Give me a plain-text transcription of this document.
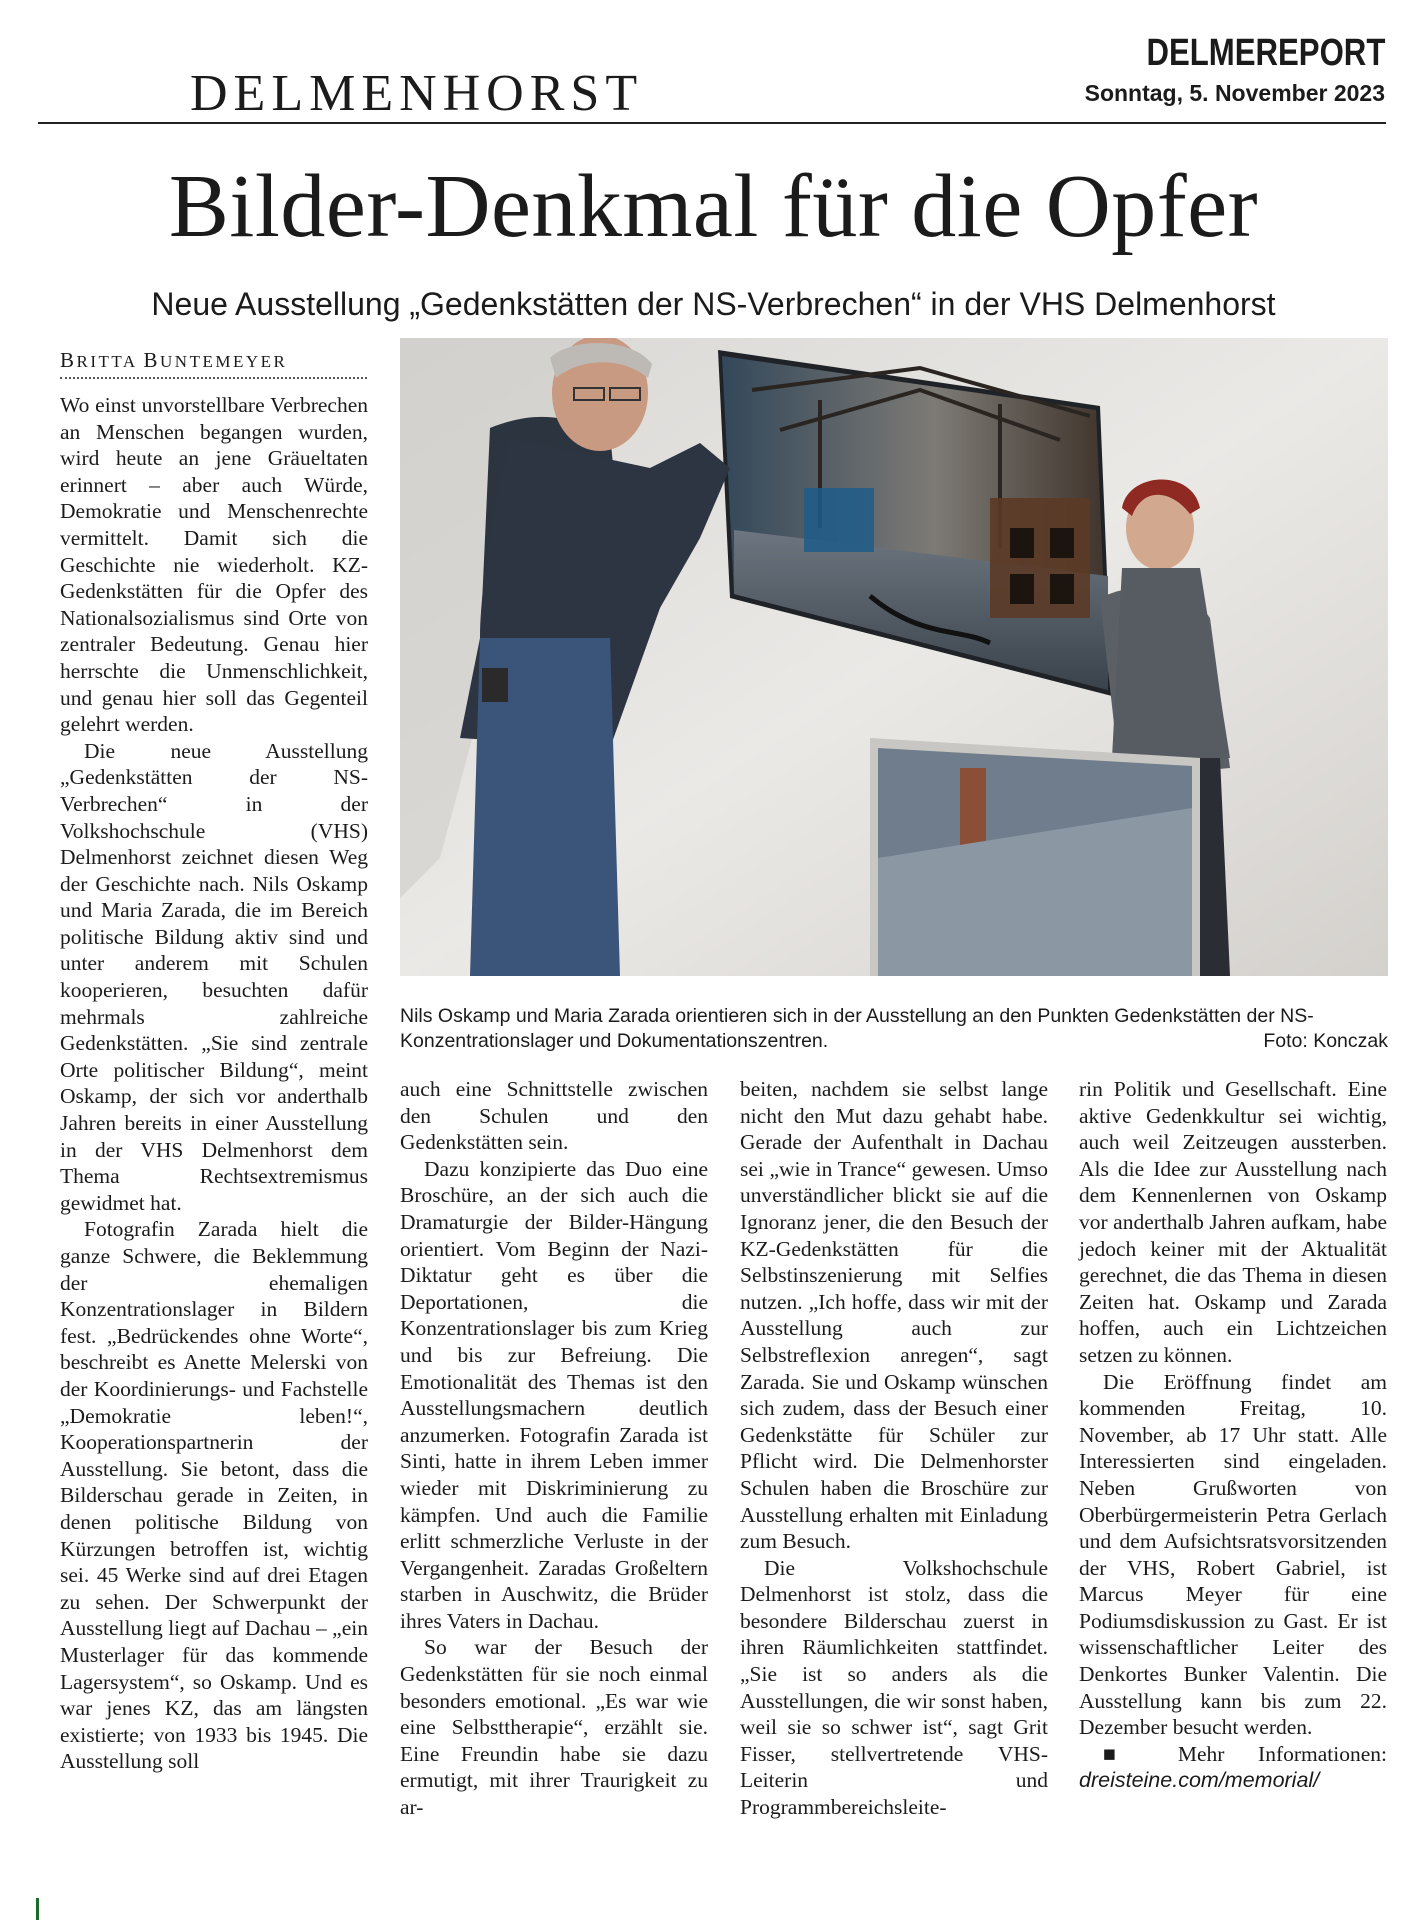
DELMENHORST
DELMEREPORT
Sonntag, 5. November 2023
Bilder-Denkmal für die Opfer
Neue Ausstellung „Gedenkstätten der NS-Verbrechen“ in der VHS Delmenhorst
BRITTA BUNTEMEYER

Wo einst unvorstellbare Verbrechen an Menschen begangen wurden, wird heute an jene Gräueltaten erinnert – aber auch Würde, Demokratie und Menschenrechte vermittelt. Damit sich die Geschichte nie wiederholt. KZ-Gedenkstätten für die Opfer des Nationalsozialismus sind Orte von zentraler Bedeutung. Genau hier herrschte die Unmenschlichkeit, und genau hier soll das Gegenteil gelehrt werden.

Die neue Ausstellung „Gedenkstätten der NS-Verbrechen“ in der Volkshochschule (VHS) Delmenhorst zeichnet diesen Weg der Geschichte nach. Nils Oskamp und Maria Zarada, die im Bereich politische Bildung aktiv sind und unter anderem mit Schulen kooperieren, besuchten dafür mehrmals zahlreiche Gedenkstätten. „Sie sind zentrale Orte politischer Bildung“, meint Oskamp, der sich vor anderthalb Jahren bereits in einer Ausstellung in der VHS Delmenhorst dem Thema Rechtsextremismus gewidmet hat.

Fotografin Zarada hielt die ganze Schwere, die Beklemmung der ehemaligen Konzentrationslager in Bildern fest. „Bedrückendes ohne Worte“, beschreibt es Anette Melerski von der Koordinierungs- und Fachstelle „Demokratie leben!“, Kooperationspartnerin der Ausstellung. Sie betont, dass die Bilderschau gerade in Zeiten, in denen politische Bildung von Kürzungen betroffen ist, wichtig sei. 45 Werke sind auf drei Etagen zu sehen. Der Schwerpunkt der Ausstellung liegt auf Dachau – „ein Musterlager für das kommende Lagersystem“, so Oskamp. Und es war jenes KZ, das am längsten existierte; von 1933 bis 1945. Die Ausstellung soll

Nils Oskamp und Maria Zarada orientieren sich in der Ausstellung an den Punkten Gedenkstätten der NS-Konzentrationslager und Dokumentationszentren.	Foto: Konczak

auch eine Schnittstelle zwischen den Schulen und den Gedenkstätten sein.

Dazu konzipierte das Duo eine Broschüre, an der sich auch die Dramaturgie der Bilder-Hängung orientiert. Vom Beginn der Nazi-Diktatur geht es über die Deportationen, die Konzentrationslager bis zum Krieg und bis zur Befreiung. Die Emotionalität des Themas ist den Ausstellungsmachern deutlich anzumerken. Fotografin Zarada ist Sinti, hatte in ihrem Leben immer wieder mit Diskriminierung zu kämpfen. Und auch die Familie erlitt schmerzliche Verluste in der Vergangenheit. Zaradas Großeltern starben in Auschwitz, die Brüder ihres Vaters in Dachau.

So war der Besuch der Gedenkstätten für sie noch einmal besonders emotional. „Es war wie eine Selbsttherapie“, erzählt sie. Eine Freundin habe sie dazu ermutigt, mit ihrer Traurigkeit zu ar-

beiten, nachdem sie selbst lange nicht den Mut dazu gehabt habe. Gerade der Aufenthalt in Dachau sei „wie in Trance“ gewesen. Umso unverständlicher blickt sie auf die Ignoranz jener, die den Besuch der KZ-Gedenkstätten für die Selbstinszenierung mit Selfies nutzen. „Ich hoffe, dass wir mit der Ausstellung auch zur Selbstreflexion anregen“, sagt Zarada. Sie und Oskamp wünschen sich zudem, dass der Besuch einer Gedenkstätte für Schüler zur Pflicht wird. Die Delmenhorster Schulen haben die Broschüre zur Ausstellung erhalten mit Einladung zum Besuch.

Die Volkshochschule Delmenhorst ist stolz, dass die besondere Bilderschau zuerst in ihren Räumlichkeiten stattfindet. „Sie ist so anders als die Ausstellungen, die wir sonst haben, weil sie so schwer ist“, sagt Grit Fisser, stellvertretende VHS-Leiterin und Programmbereichsleite-

rin Politik und Gesellschaft. Eine aktive Gedenkkultur sei wichtig, auch weil Zeitzeugen aussterben. Als die Idee zur Ausstellung nach dem Kennenlernen von Oskamp vor anderthalb Jahren aufkam, habe jedoch keiner mit der Aktualität gerechnet, die das Thema in diesen Zeiten hat. Oskamp und Zarada hoffen, auch ein Lichtzeichen setzen zu können.

Die Eröffnung findet am kommenden Freitag, 10. November, ab 17 Uhr statt. Alle Interessierten sind eingeladen. Neben Grußworten von Oberbürgermeisterin Petra Gerlach und dem Aufsichtsratsvorsitzenden der VHS, Robert Gabriel, ist Marcus Meyer für eine Podiumsdiskussion zu Gast. Er ist wissenschaftlicher Leiter des Denkortes Bunker Valentin. Die Ausstellung kann bis zum 22. Dezember besucht werden.

■ Mehr Informationen: dreisteine.com/memorial/
